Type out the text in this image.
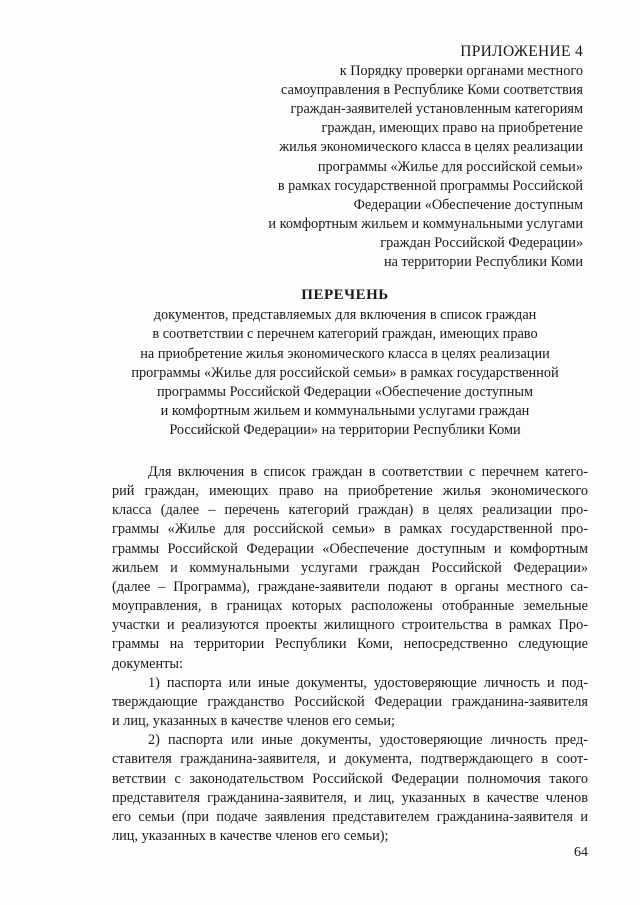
ПРИЛОЖЕНИЕ 4
к Порядку проверки органами местного
самоуправления в Республике Коми соответствия
граждан-заявителей установленным категориям
граждан, имеющих право на приобретение
жилья экономического класса в целях реализации
программы «Жилье для российской семьи»
в рамках государственной программы Российской
Федерации «Обеспечение доступным
и комфортным жильем и коммунальными услугами
граждан Российской Федерации»
на территории Республики Коми
ПЕРЕЧЕНЬ
документов, представляемых для включения в список граждан
в соответствии с перечнем категорий граждан, имеющих право
на приобретение жилья экономического класса в целях реализации
программы «Жилье для российской семьи» в рамках государственной
программы Российской Федерации «Обеспечение доступным
и комфортным жильем и коммунальными услугами граждан
Российской Федерации» на территории Республики Коми
Для включения в список граждан в соответствии с перечнем катего-
рий граждан, имеющих право на приобретение жилья экономического
класса (далее – перечень категорий граждан) в целях реализации про-
граммы «Жилье для российской семьи» в рамках государственной про-
граммы Российской Федерации «Обеспечение доступным и комфортным
жильем и коммунальными услугами граждан Российской Федерации»
(далее – Программа), граждане-заявители подают в органы местного са-
моуправления, в границах которых расположены отобранные земельные
участки и реализуются проекты жилищного строительства в рамках Про-
граммы на территории Республики Коми, непосредственно следующие
документы:
1) паспорта или иные документы, удостоверяющие личность и под-
тверждающие гражданство Российской Федерации гражданина-заявителя
и лиц, указанных в качестве членов его семьи;
2) паспорта или иные документы, удостоверяющие личность пред-
ставителя гражданина-заявителя, и документа, подтверждающего в соот-
ветствии с законодательством Российской Федерации полномочия такого
представителя гражданина-заявителя, и лиц, указанных в качестве членов
его семьи (при подаче заявления представителем гражданина-заявителя и
лиц, указанных в качестве членов его семьи);
64
